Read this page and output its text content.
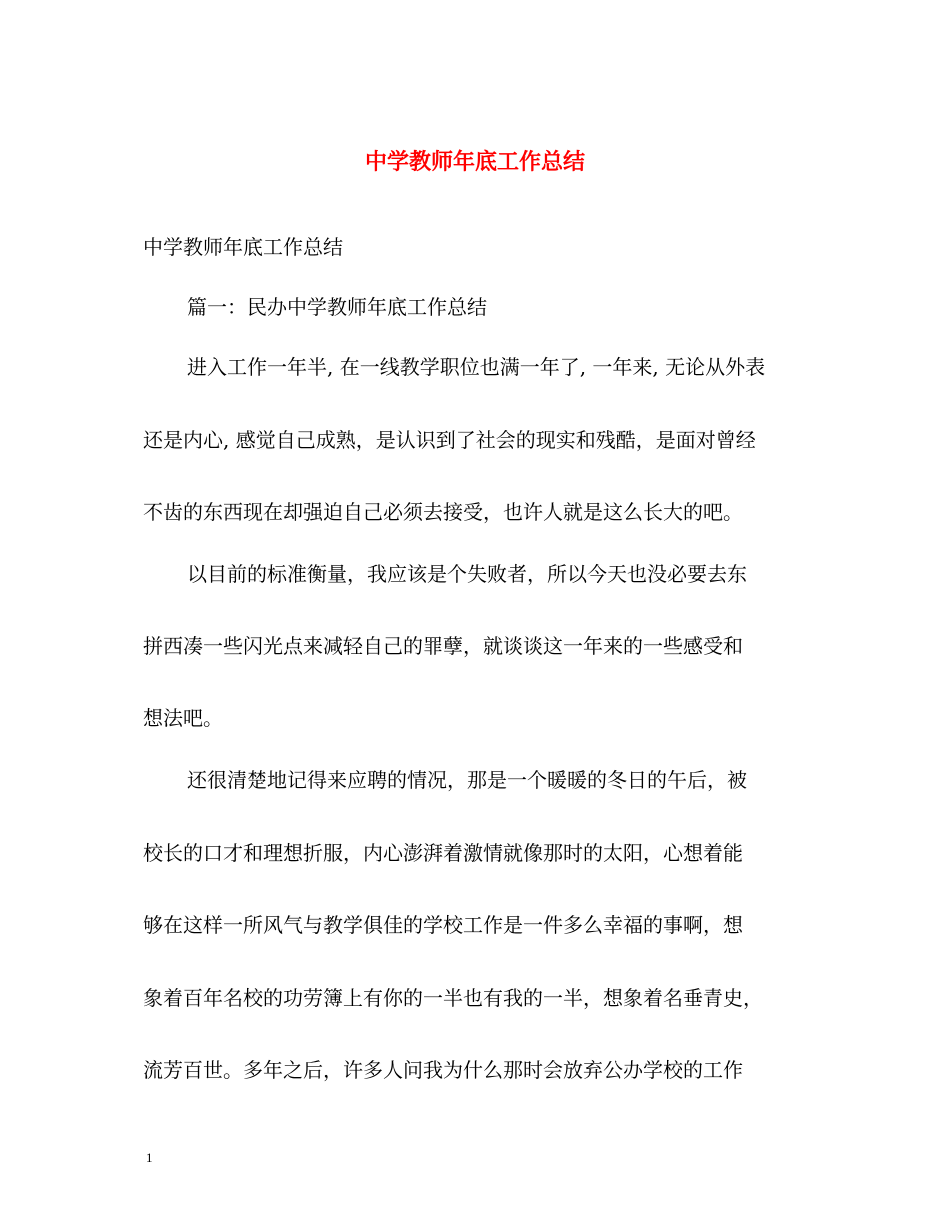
中学教师年底工作总结

中学教师年底工作总结

篇一：民办中学教师年底工作总结

进入工作一年半, 在一线教学职位也满一年了, 一年来, 无论从外表

还是内心, 感觉自己成熟，是认识到了社会的现实和残酷，是面对曾经

不齿的东西现在却强迫自己必须去接受，也许人就是这么长大的吧。

以目前的标准衡量，我应该是个失败者，所以今天也没必要去东

拼西凑一些闪光点来减轻自己的罪孽，就谈谈这一年来的一些感受和

想法吧。

还很清楚地记得来应聘的情况，那是一个暖暖的冬日的午后，被

校长的口才和理想折服，内心澎湃着激情就像那时的太阳，心想着能

够在这样一所风气与教学俱佳的学校工作是一件多么幸福的事啊，想

象着百年名校的功劳簿上有你的一半也有我的一半，想象着名垂青史，

流芳百世。多年之后，许多人问我为什么那时会放弃公办学校的工作

1
